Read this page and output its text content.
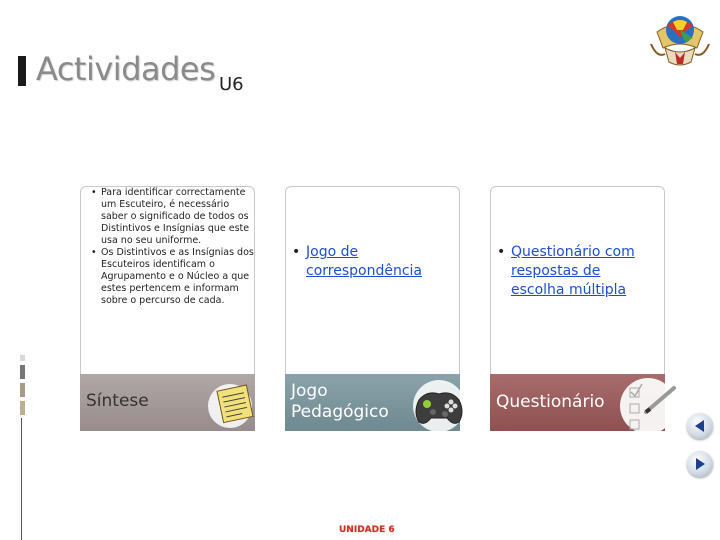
Actividades U6
• Para identificar correctamente um Escuteiro, é necessário saber o significado de todos os Distintivos e Insígnias que este usa no seu uniforme.
• Os Distintivos e as Insígnias dos Escuteiros identificam o Agrupamento e o Núcleo a que estes pertencem e informam sobre o percurso de cada.
Síntese
• Jogo de
correspondência
Jogo
Pedagógico
• Questionário com
respostas de
escolha múltipla
Questionário
UNIDADE 6
